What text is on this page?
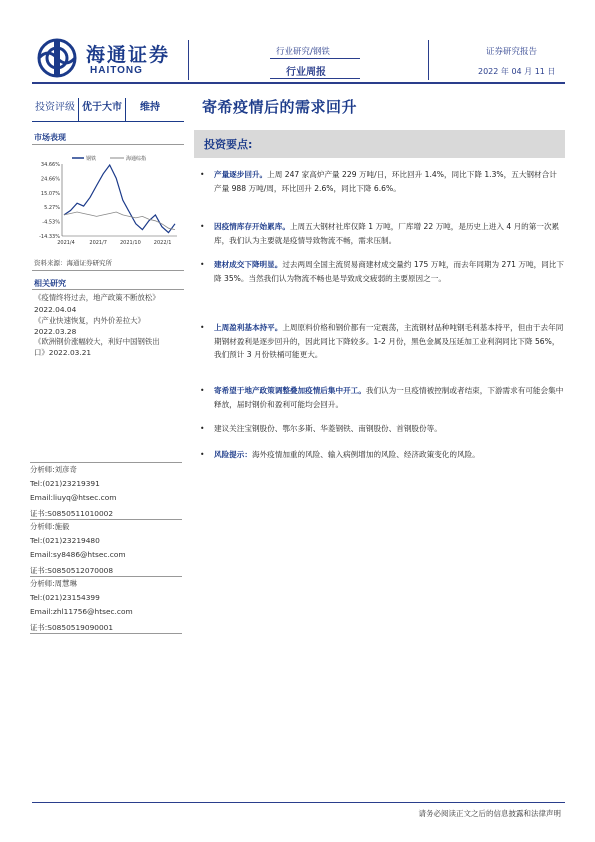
海通证券
HAITONG
行业研究/钢铁
行业周报
证券研究报告
2022 年 04 月 11 日
投资评级 优于大市	维持	寄希疫情后的需求回升
市场表现
34.66%
24.66%
15.07%
5.27%
-4.53%
-14.33%
2021/4	2021/7	2021/10	2022/1
钢铁	海通综指
资料来源：海通证券研究所
相关研究
《疫情终将过去，地产政策不断放松》
2022.04.04
《产业快速恢复，内外价差拉大》
2022.03.28
《欧洲钢价涨幅较大，利好中国钢铁出
口》2022.03.21
分析师:刘彦奇
Tel:(021)23219391
Email:liuyq@htsec.com
证书:S0850511010002
分析师:施毅
Tel:(021)23219480
Email:sy8486@htsec.com
证书:S0850512070008
分析师:周慧琳
Tel:(021)23154399
Email:zhl11756@htsec.com
证书:S0850519090001
投资要点:
•	产量逐步回升。上周 247 家高炉产量 229 万吨/日，环比回升 1.4%，同比下降 1.3%，五大钢材合计产量 988 万吨/周，环比回升 2.6%，同比下降 6.6%。
•	因疫情库存开始累库。上周五大钢材社库仅降 1 万吨，厂库增 22 万吨，是历史上进入 4 月的第一次累库，我们认为主要就是疫情导致物流不畅，需求压制。
•	建材成交下降明显。过去两周全国主流贸易商建材成交量约 175 万吨，而去年同期为 271 万吨，同比下降 35%。当然我们认为物流不畅也是导致成交疲弱的主要原因之一。
•	上周盈利基本持平。上周原料价格和钢价都有一定震荡，主流钢材品种吨钢毛利基本持平，但由于去年同期钢材盈利是逐步回升的，因此同比下降较多。1-2 月份，黑色金属及压延加工业利润同比下降 56%，我们预计 3 月份铁桶可能更大。
•	寄希望于地产政策调整叠加疫情后集中开工。我们认为一旦疫情被控制或者结束，下游需求有可能会集中释放，届时钢价和盈利可能均会回升。
•	建议关注宝钢股份、鄂尔多斯、华菱钢铁、南钢股份、首钢股份等。
•	风险提示：海外疫情加重的风险、输入病例增加的风险、经济政策变化的风险。
请务必阅读正文之后的信息披露和法律声明
